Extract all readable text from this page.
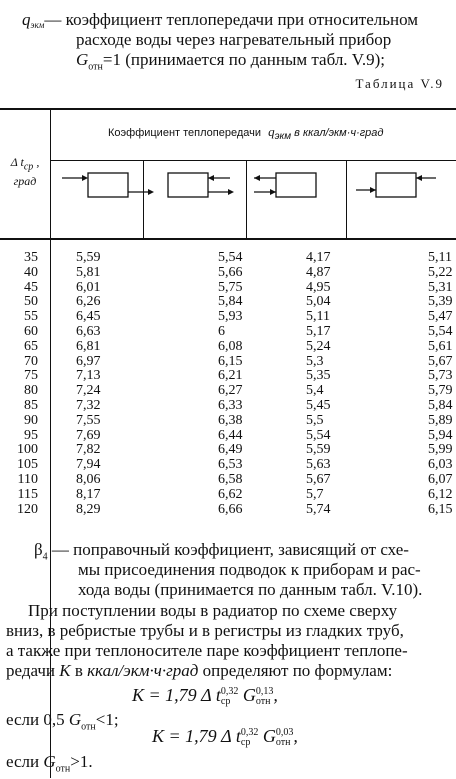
qэкм— коэффициент теплопередачи при относительном
расходе воды через нагревательный прибор
$G_{отн}=1$ (принимается по данным табл. V.9);
Таблица V.9
Коэффициент теплопередачи $q_{экм}$ в ккал/экм·ч·град
Δ $t_{ср}$ ,
град
35	5,59	5,54	4,17	5,11
40	5,81	5,66	4,87	5,22
45	6,01	5,75	4,95	5,31
50	6,26	5,84	5,04	5,39
55	6,45	5,93	5,11	5,47
60	6,63	6	5,17	5,54
65	6,81	6,08	5,24	5,61
70	6,97	6,15	5,3	5,67
75	7,13	6,21	5,35	5,73
80	7,24	6,27	5,4	5,79
85	7,32	6,33	5,45	5,84
90	7,55	6,38	5,5	5,89
95	7,69	6,44	5,54	5,94
100	7,82	6,49	5,59	5,99
105	7,94	6,53	5,63	6,03
110	8,06	6,58	5,67	6,07
115	8,17	6,62	5,7	6,12
120	8,29	6,66	5,74	6,15
$\beta_4$ — поправочный коэффициент, зависящий от схе-
мы присоединения подводок к приборам и рас-
хода воды (принимается по данным табл. V.10).
При поступлении воды в радиатор по схеме сверху
вниз, в ребристые трубы и в регистры из гладких труб,
а также при теплоносителе паре коэффициент теплопе-
редачи K в ккал/экм·ч·град определяют по формулам:
K = 1,79 Δ t0,32
ср G0,13
отн ,
если 0,5 $G_{отн}<1$;
K = 1,79 Δ t0,32
ср G0,03
отн ,
если $G_{отн}>1$.
